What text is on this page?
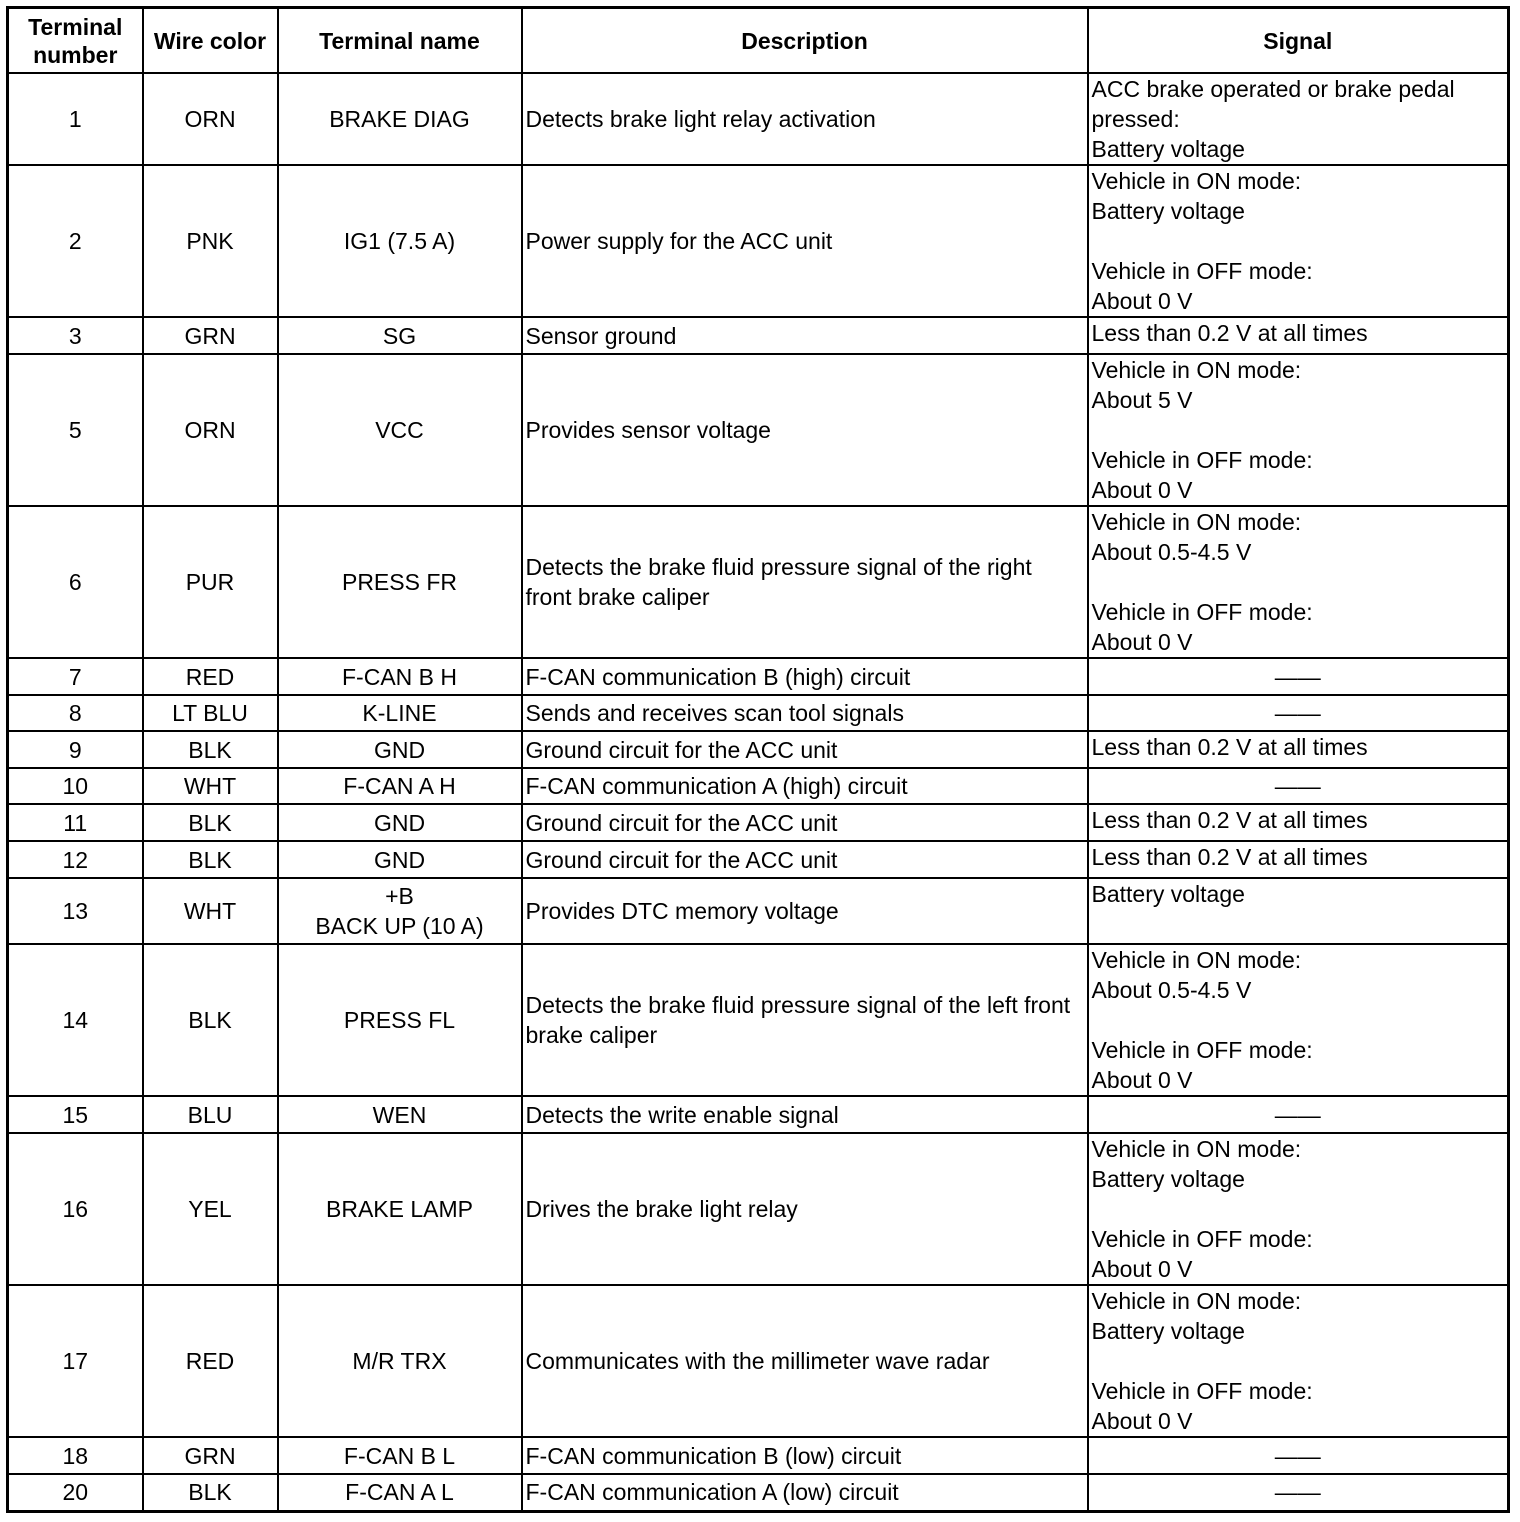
Terminal
number	Wire color	Terminal name	Description	Signal
1	ORN	BRAKE DIAG	Detects brake light relay activation	ACC brake operated or brake pedal pressed:
Battery voltage
2	PNK	IG1 (7.5 A)	Power supply for the ACC unit	Vehicle in ON mode:
Battery voltage

Vehicle in OFF mode:
About 0 V
3	GRN	SG	Sensor ground	Less than 0.2 V at all times
5	ORN	VCC	Provides sensor voltage	Vehicle in ON mode:
About 5 V

Vehicle in OFF mode:
About 0 V
6	PUR	PRESS FR	Detects the brake fluid pressure signal of the right front brake caliper	Vehicle in ON mode:
About 0.5-4.5 V

Vehicle in OFF mode:
About 0 V
7	RED	F-CAN B H	F-CAN communication B (high) circuit	——
8	LT BLU	K-LINE	Sends and receives scan tool signals	——
9	BLK	GND	Ground circuit for the ACC unit	Less than 0.2 V at all times
10	WHT	F-CAN A H	F-CAN communication A (high) circuit	——
11	BLK	GND	Ground circuit for the ACC unit	Less than 0.2 V at all times
12	BLK	GND	Ground circuit for the ACC unit	Less than 0.2 V at all times
13	WHT	+B
BACK UP (10 A)	Provides DTC memory voltage	Battery voltage
14	BLK	PRESS FL	Detects the brake fluid pressure signal of the left front brake caliper	Vehicle in ON mode:
About 0.5-4.5 V

Vehicle in OFF mode:
About 0 V
15	BLU	WEN	Detects the write enable signal	——
16	YEL	BRAKE LAMP	Drives the brake light relay	Vehicle in ON mode:
Battery voltage

Vehicle in OFF mode:
About 0 V
17	RED	M/R TRX	Communicates with the millimeter wave radar	Vehicle in ON mode:
Battery voltage

Vehicle in OFF mode:
About 0 V
18	GRN	F-CAN B L	F-CAN communication B (low) circuit	——
20	BLK	F-CAN A L	F-CAN communication A (low) circuit	——
